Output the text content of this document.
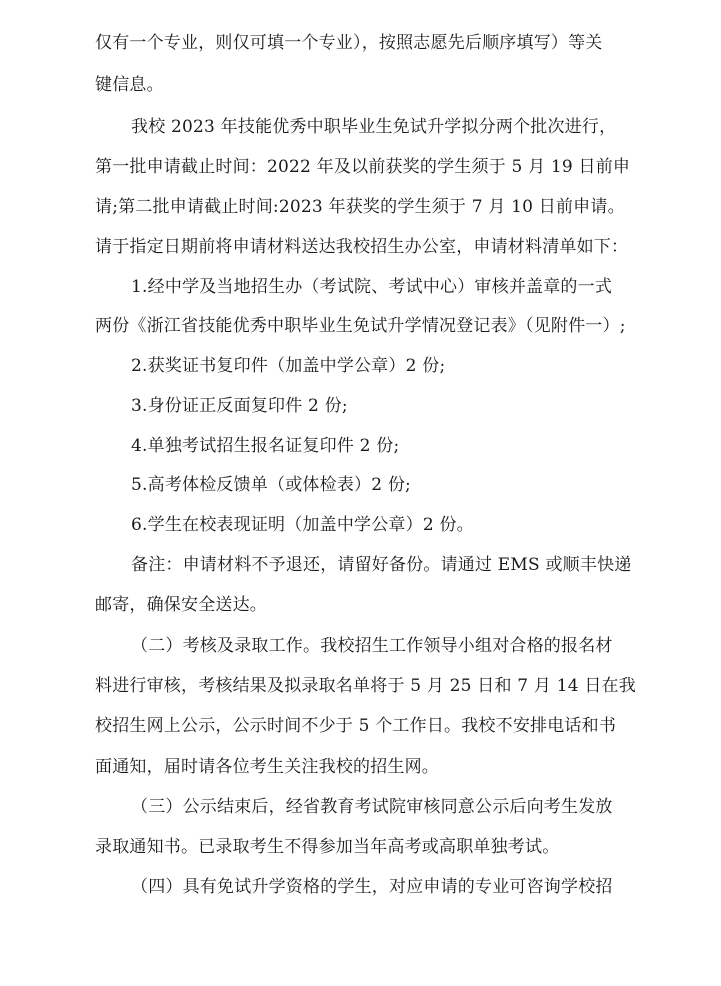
仅有一个专业，则仅可填一个专业），按照志愿先后顺序填写）等关
键信息。
我校 2023 年技能优秀中职毕业生免试升学拟分两个批次进行，
第一批申请截止时间：2022 年及以前获奖的学生须于 5 月 19 日前申
请;第二批申请截止时间:2023 年获奖的学生须于 7 月 10 日前申请。
请于指定日期前将申请材料送达我校招生办公室，申请材料清单如下：
1.经中学及当地招生办（考试院、考试中心）审核并盖章的一式
两份《浙江省技能优秀中职毕业生免试升学情况登记表》（见附件一）;
2.获奖证书复印件（加盖中学公章）2 份;
3.身份证正反面复印件 2 份;
4.单独考试招生报名证复印件 2 份;
5.高考体检反馈单（或体检表）2 份;
6.学生在校表现证明（加盖中学公章）2 份。
备注：申请材料不予退还，请留好备份。请通过 EMS 或顺丰快递
邮寄，确保安全送达。
（二）考核及录取工作。我校招生工作领导小组对合格的报名材
料进行审核，考核结果及拟录取名单将于 5 月 25 日和 7 月 14 日在我
校招生网上公示，公示时间不少于 5 个工作日。我校不安排电话和书
面通知，届时请各位考生关注我校的招生网。
（三）公示结束后，经省教育考试院审核同意公示后向考生发放
录取通知书。已录取考生不得参加当年高考或高职单独考试。
（四）具有免试升学资格的学生，对应申请的专业可咨询学校招
